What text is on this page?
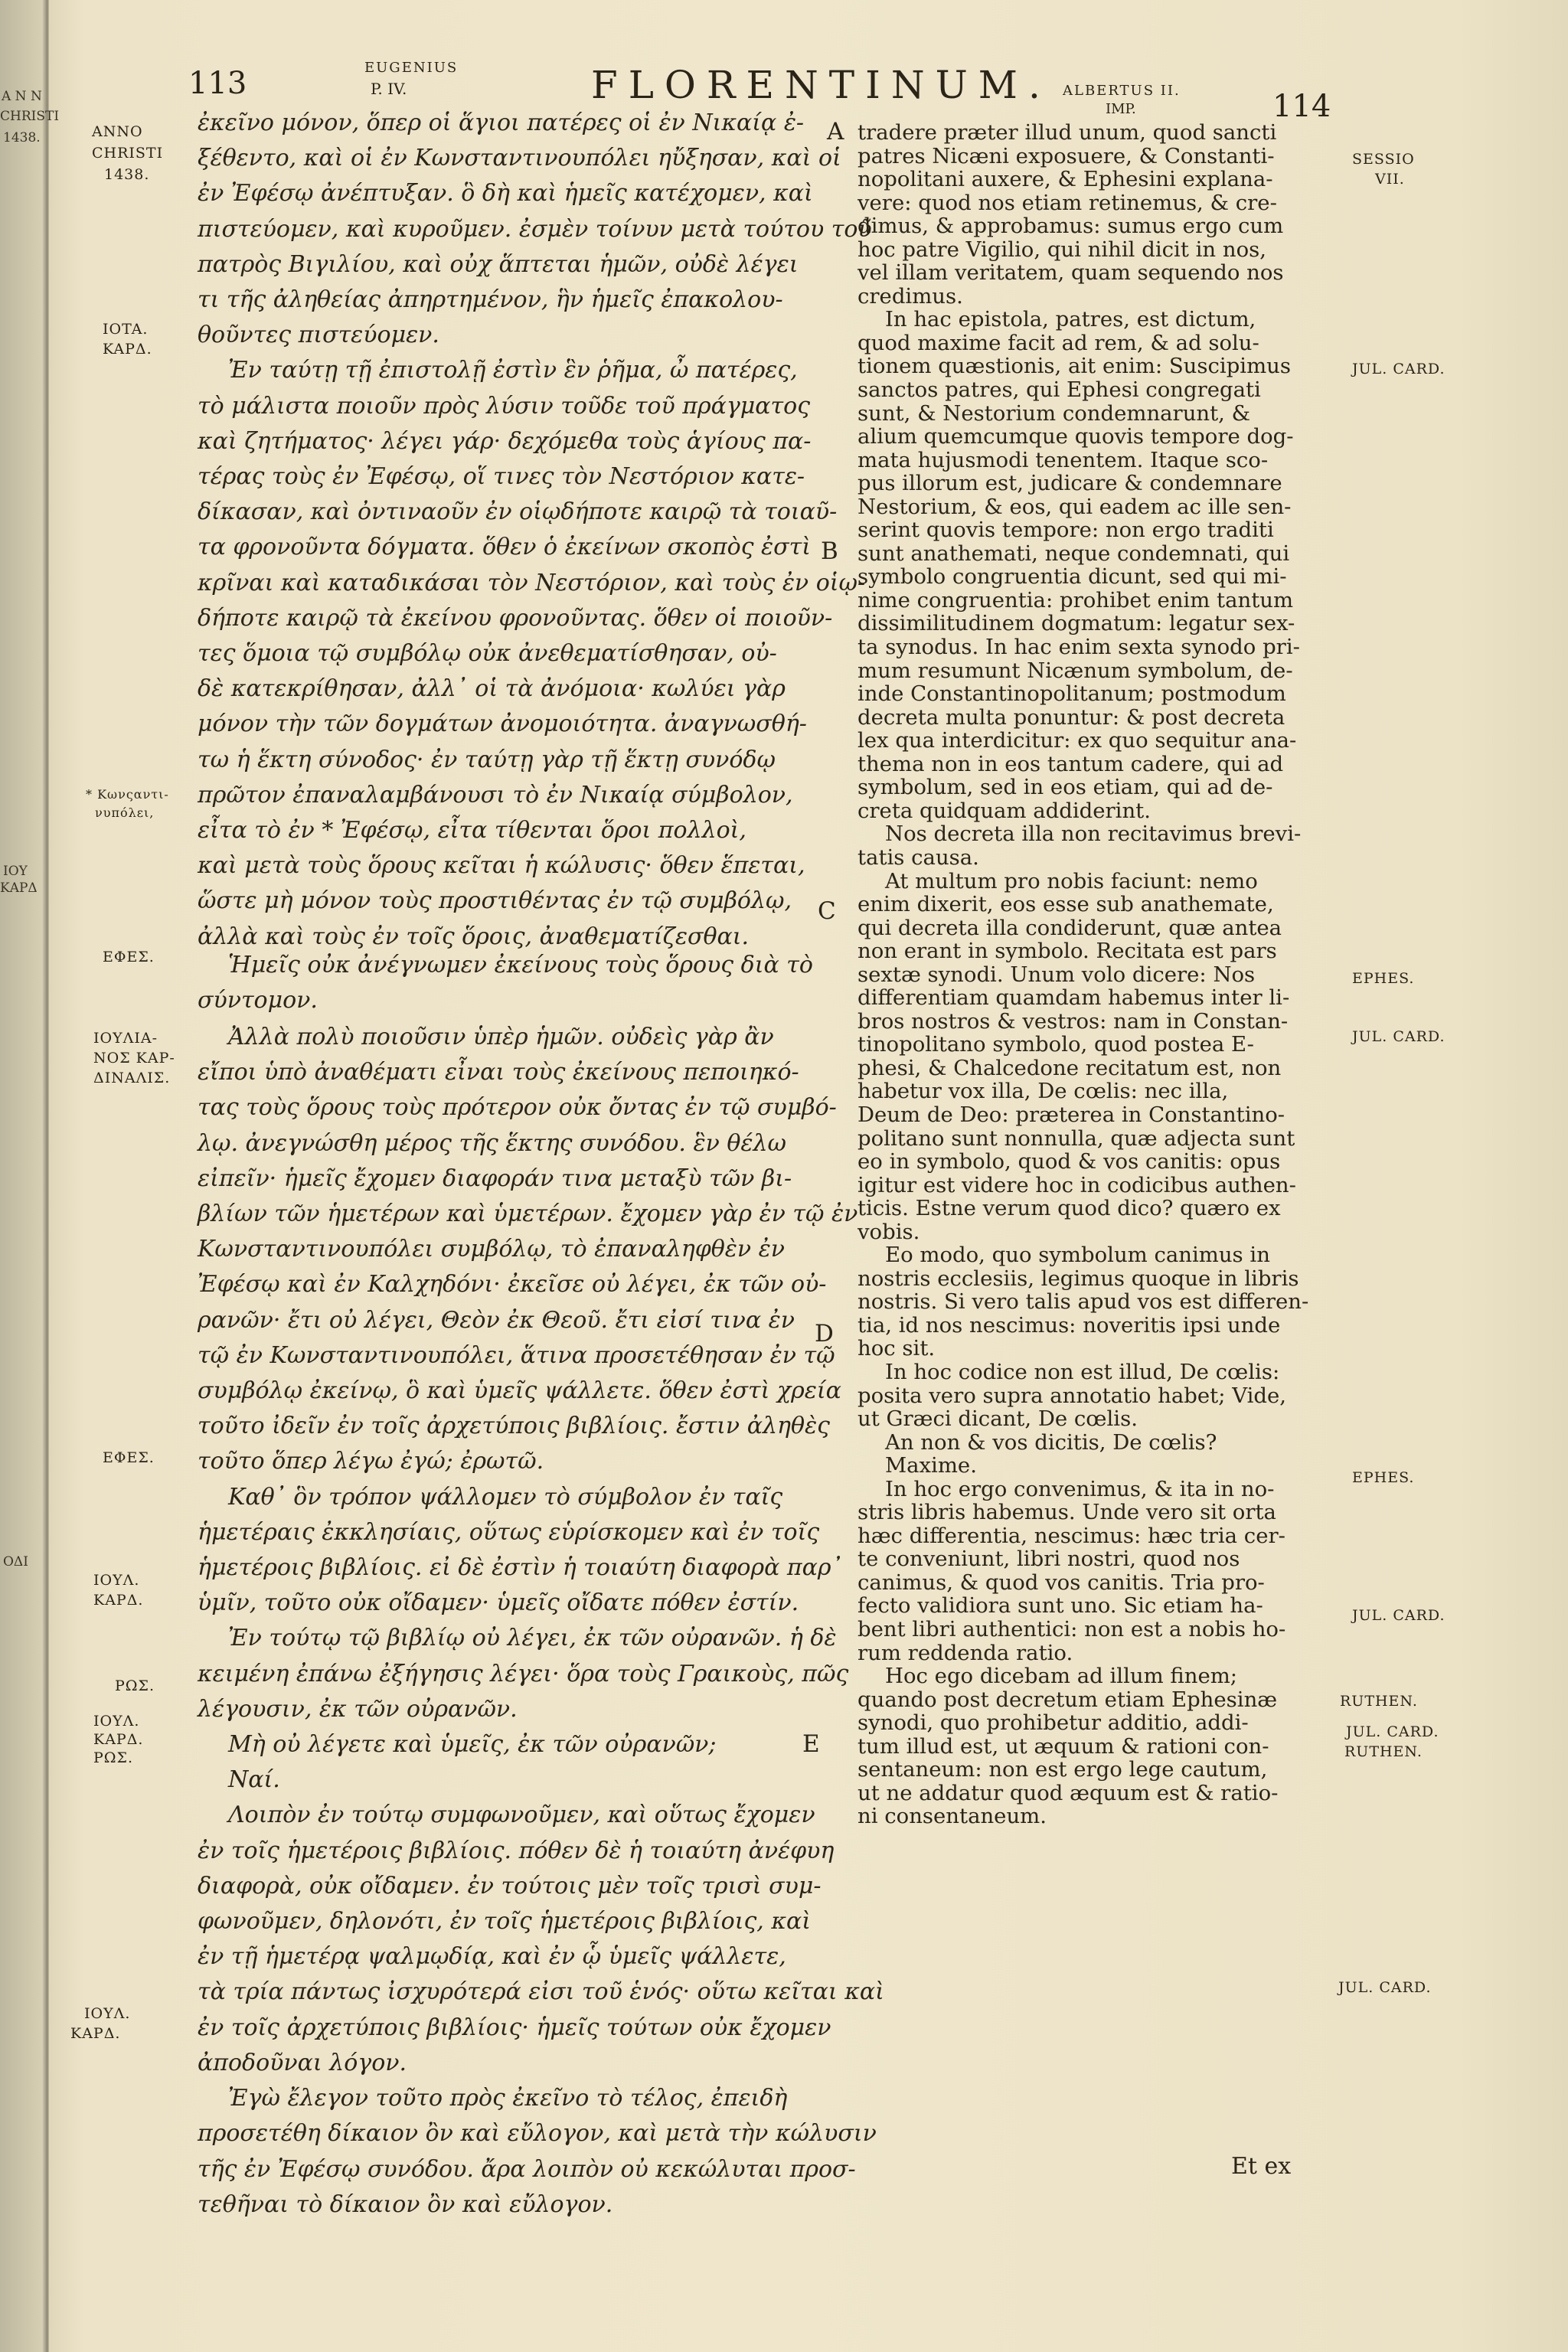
A N N
CHRISTI
1438.
ΙΟΥ
ΚΑΡΔ
ΟΔΙ
113	EUGENIUS
P. IV.	FLORENTINUM. ALBERTUS II.
IMP.	114
ANNO
CHRISTI
1438.
IOTA.
KAPΔ.
* Κωνςαντι-
νυπόλει,
ΕΦΕΣ.
ΙΟΥΛΙΑ-
ΝΟΣ ΚΑΡ-
ΔΙΝΑΛΙΣ.
ΕΦΕΣ.
ΙΟΥΛ.
ΚΑΡΔ.
ΡΩΣ.
ΙΟΥΛ.
ΚΑΡΔ.
ΡΩΣ.
ΙΟΥΛ.
ΚΑΡΔ.
SESSIO
VII.
JUL. CARD.
EPHES.
JUL. CARD.
EPHES.
JUL. CARD.
RUTHEN.
JUL. CARD.
RUTHEN.
JUL. CARD.
A
B
C
D
E
ἐκεῖνο μόνον, ὅπερ οἱ ἅγιοι πατέρες οἱ ἐν Νικαίᾳ ἐ-
ξέθεντο, καὶ οἱ ἐν Κωνσταντινουπόλει ηὔξησαν, καὶ οἱ
ἐν Ἐφέσῳ ἀνέπτυξαν. ὃ δὴ καὶ ἡμεῖς κατέχομεν, καὶ
πιστεύομεν, καὶ κυροῦμεν. ἐσμὲν τοίνυν μετὰ τούτου τοῦ
πατρὸς Βιγιλίου, καὶ οὐχ ἅπτεται ἡμῶν, οὐδὲ λέγει
τι τῆς ἀληθείας ἀπηρτημένον, ἣν ἡμεῖς ἐπακολου-
θοῦντες πιστεύομεν.
Ἐν ταύτῃ τῇ ἐπιστολῇ ἐστὶν ἓν ῥῆμα, ὦ πατέρες,
τὸ μάλιστα ποιοῦν πρὸς λύσιν τοῦδε τοῦ πράγματος
καὶ ζητήματος· λέγει γάρ· δεχόμεθα τοὺς ἁγίους πα-
τέρας τοὺς ἐν Ἐφέσῳ, οἵ τινες τὸν Νεστόριον κατε-
δίκασαν, καὶ ὀντιναοῦν ἐν οἱῳδήποτε καιρῷ τὰ τοιαῦ-
τα φρονοῦντα δόγματα. ὅθεν ὁ ἐκείνων σκοπὸς ἐστὶ
κρῖναι καὶ καταδικάσαι τὸν Νεστόριον, καὶ τοὺς ἐν οἱῳ-
δήποτε καιρῷ τὰ ἐκείνου φρονοῦντας. ὅθεν οἱ ποιοῦν-
τες ὅμοια τῷ συμβόλῳ οὐκ ἀνεθεματίσθησαν, οὐ-
δὲ κατεκρίθησαν, ἀλλ᾽ οἱ τὰ ἀνόμοια· κωλύει γὰρ
μόνον τὴν τῶν δογμάτων ἀνομοιότητα. ἀναγνωσθή-
τω ἡ ἕκτη σύνοδος· ἐν ταύτῃ γὰρ τῇ ἕκτῃ συνόδῳ
πρῶτον ἐπαναλαμβάνουσι τὸ ἐν Νικαίᾳ σύμβολον,
εἶτα τὸ ἐν * Ἐφέσῳ, εἶτα τίθενται ὅροι πολλοὶ,
καὶ μετὰ τοὺς ὅρους κεῖται ἡ κώλυσις· ὅθεν ἕπεται,
ὥστε μὴ μόνον τοὺς προστιθέντας ἐν τῷ συμβόλῳ,
ἀλλὰ καὶ τοὺς ἐν τοῖς ὅροις, ἀναθεματίζεσθαι.
Ἡμεῖς οὐκ ἀνέγνωμεν ἐκείνους τοὺς ὅρους διὰ τὸ
σύντομον.
Ἀλλὰ πολὺ ποιοῦσιν ὑπὲρ ἡμῶν. οὐδεὶς γὰρ ἂν
εἴποι ὑπὸ ἀναθέματι εἶναι τοὺς ἐκείνους πεποιηκό-
τας τοὺς ὅρους τοὺς πρότερον οὐκ ὄντας ἐν τῷ συμβό-
λῳ. ἀνεγνώσθη μέρος τῆς ἕκτης συνόδου. ἓν θέλω
εἰπεῖν· ἡμεῖς ἔχομεν διαφοράν τινα μεταξὺ τῶν βι-
βλίων τῶν ἡμετέρων καὶ ὑμετέρων. ἔχομεν γὰρ ἐν τῷ ἐν
Κωνσταντινουπόλει συμβόλῳ, τὸ ἐπαναληφθὲν ἐν
Ἐφέσῳ καὶ ἐν Καλχηδόνι· ἐκεῖσε οὐ λέγει, ἐκ τῶν οὐ-
ρανῶν· ἔτι οὐ λέγει, Θεὸν ἐκ Θεοῦ. ἔτι εἰσί τινα ἐν
τῷ ἐν Κωνσταντινουπόλει, ἅτινα προσετέθησαν ἐν τῷ
συμβόλῳ ἐκείνῳ, ὃ καὶ ὑμεῖς ψάλλετε. ὅθεν ἐστὶ χρεία
τοῦτο ἰδεῖν ἐν τοῖς ἀρχετύποις βιβλίοις. ἔστιν ἀληθὲς
τοῦτο ὅπερ λέγω ἐγώ; ἐρωτῶ.
Καθ᾽ ὃν τρόπον ψάλλομεν τὸ σύμβολον ἐν ταῖς
ἡμετέραις ἐκκλησίαις, οὕτως εὑρίσκομεν καὶ ἐν τοῖς
ἡμετέροις βιβλίοις. εἰ δὲ ἐστὶν ἡ τοιαύτη διαφορὰ παρ᾽
ὑμῖν, τοῦτο οὐκ οἴδαμεν· ὑμεῖς οἴδατε πόθεν ἐστίν.
Ἐν τούτῳ τῷ βιβλίῳ οὐ λέγει, ἐκ τῶν οὐρανῶν. ἡ δὲ
κειμένη ἐπάνω ἐξήγησις λέγει· ὅρα τοὺς Γραικοὺς, πῶς
λέγουσιν, ἐκ τῶν οὐρανῶν.
Μὴ οὐ λέγετε καὶ ὑμεῖς, ἐκ τῶν οὐρανῶν;
Ναί.
Λοιπὸν ἐν τούτῳ συμφωνοῦμεν, καὶ οὕτως ἔχομεν
ἐν τοῖς ἡμετέροις βιβλίοις. πόθεν δὲ ἡ τοιαύτη ἀνέφυη
διαφορὰ, οὐκ οἴδαμεν. ἐν τούτοις μὲν τοῖς τρισὶ συμ-
φωνοῦμεν, δηλονότι, ἐν τοῖς ἡμετέροις βιβλίοις, καὶ
ἐν τῇ ἡμετέρᾳ ψαλμῳδίᾳ, καὶ ἐν ᾧ ὑμεῖς ψάλλετε,
τὰ τρία πάντως ἰσχυρότερά εἰσι τοῦ ἑνός· οὕτω κεῖται καὶ
ἐν τοῖς ἀρχετύποις βιβλίοις· ἡμεῖς τούτων οὐκ ἔχομεν
ἀποδοῦναι λόγον.
Ἐγὼ ἔλεγον τοῦτο πρὸς ἐκεῖνο τὸ τέλος, ἐπειδὴ
προσετέθη δίκαιον ὂν καὶ εὔλογον, καὶ μετὰ τὴν κώλυσιν
τῆς ἐν Ἐφέσῳ συνόδου. ἄρα λοιπὸν οὐ κεκώλυται προσ-
τεθῆναι τὸ δίκαιον ὂν καὶ εὔλογον.
tradere præter illud unum, quod sancti
patres Nicæni exposuere, & Constanti-
nopolitani auxere, & Ephesini explana-
vere: quod nos etiam retinemus, & cre-
dimus, & approbamus: sumus ergo cum
hoc patre Vigilio, qui nihil dicit in nos,
vel illam veritatem, quam sequendo nos
credimus.
In hac epistola, patres, est dictum,
quod maxime facit ad rem, & ad solu-
tionem quæstionis, ait enim: Suscipimus
sanctos patres, qui Ephesi congregati
sunt, & Nestorium condemnarunt, &
alium quemcumque quovis tempore dog-
mata hujusmodi tenentem. Itaque sco-
pus illorum est, judicare & condemnare
Nestorium, & eos, qui eadem ac ille sen-
serint quovis tempore: non ergo traditi
sunt anathemati, neque condemnati, qui
symbolo congruentia dicunt, sed qui mi-
nime congruentia: prohibet enim tantum
dissimilitudinem dogmatum: legatur sex-
ta synodus. In hac enim sexta synodo pri-
mum resumunt Nicænum symbolum, de-
inde Constantinopolitanum; postmodum
decreta multa ponuntur: & post decreta
lex qua interdicitur: ex quo sequitur ana-
thema non in eos tantum cadere, qui ad
symbolum, sed in eos etiam, qui ad de-
creta quidquam addiderint.
Nos decreta illa non recitavimus brevi-
tatis causa.
At multum pro nobis faciunt: nemo
enim dixerit, eos esse sub anathemate,
qui decreta illa condiderunt, quæ antea
non erant in symbolo. Recitata est pars
sextæ synodi. Unum volo dicere: Nos
differentiam quamdam habemus inter li-
bros nostros & vestros: nam in Constan-
tinopolitano symbolo, quod postea E-
phesi, & Chalcedone recitatum est, non
habetur vox illa, De cœlis: nec illa,
Deum de Deo: præterea in Constantino-
politano sunt nonnulla, quæ adjecta sunt
eo in symbolo, quod & vos canitis: opus
igitur est videre hoc in codicibus authen-
ticis. Estne verum quod dico? quæro ex
vobis.
Eo modo, quo symbolum canimus in
nostris ecclesiis, legimus quoque in libris
nostris. Si vero talis apud vos est differen-
tia, id nos nescimus: noveritis ipsi unde
hoc sit.
In hoc codice non est illud, De cœlis:
posita vero supra annotatio habet; Vide,
ut Græci dicant, De cœlis.
An non & vos dicitis, De cœlis?
Maxime.
In hoc ergo convenimus, & ita in no-
stris libris habemus. Unde vero sit orta
hæc differentia, nescimus: hæc tria cer-
te conveniunt, libri nostri, quod nos
canimus, & quod vos canitis. Tria pro-
fecto validiora sunt uno. Sic etiam ha-
bent libri authentici: non est a nobis ho-
rum reddenda ratio.
Hoc ego dicebam ad illum finem;
quando post decretum etiam Ephesinæ
synodi, quo prohibetur additio, addi-
tum illud est, ut æquum & rationi con-
sentaneum: non est ergo lege cautum,
ut ne addatur quod æquum est & ratio-
ni consentaneum.
Et ex
